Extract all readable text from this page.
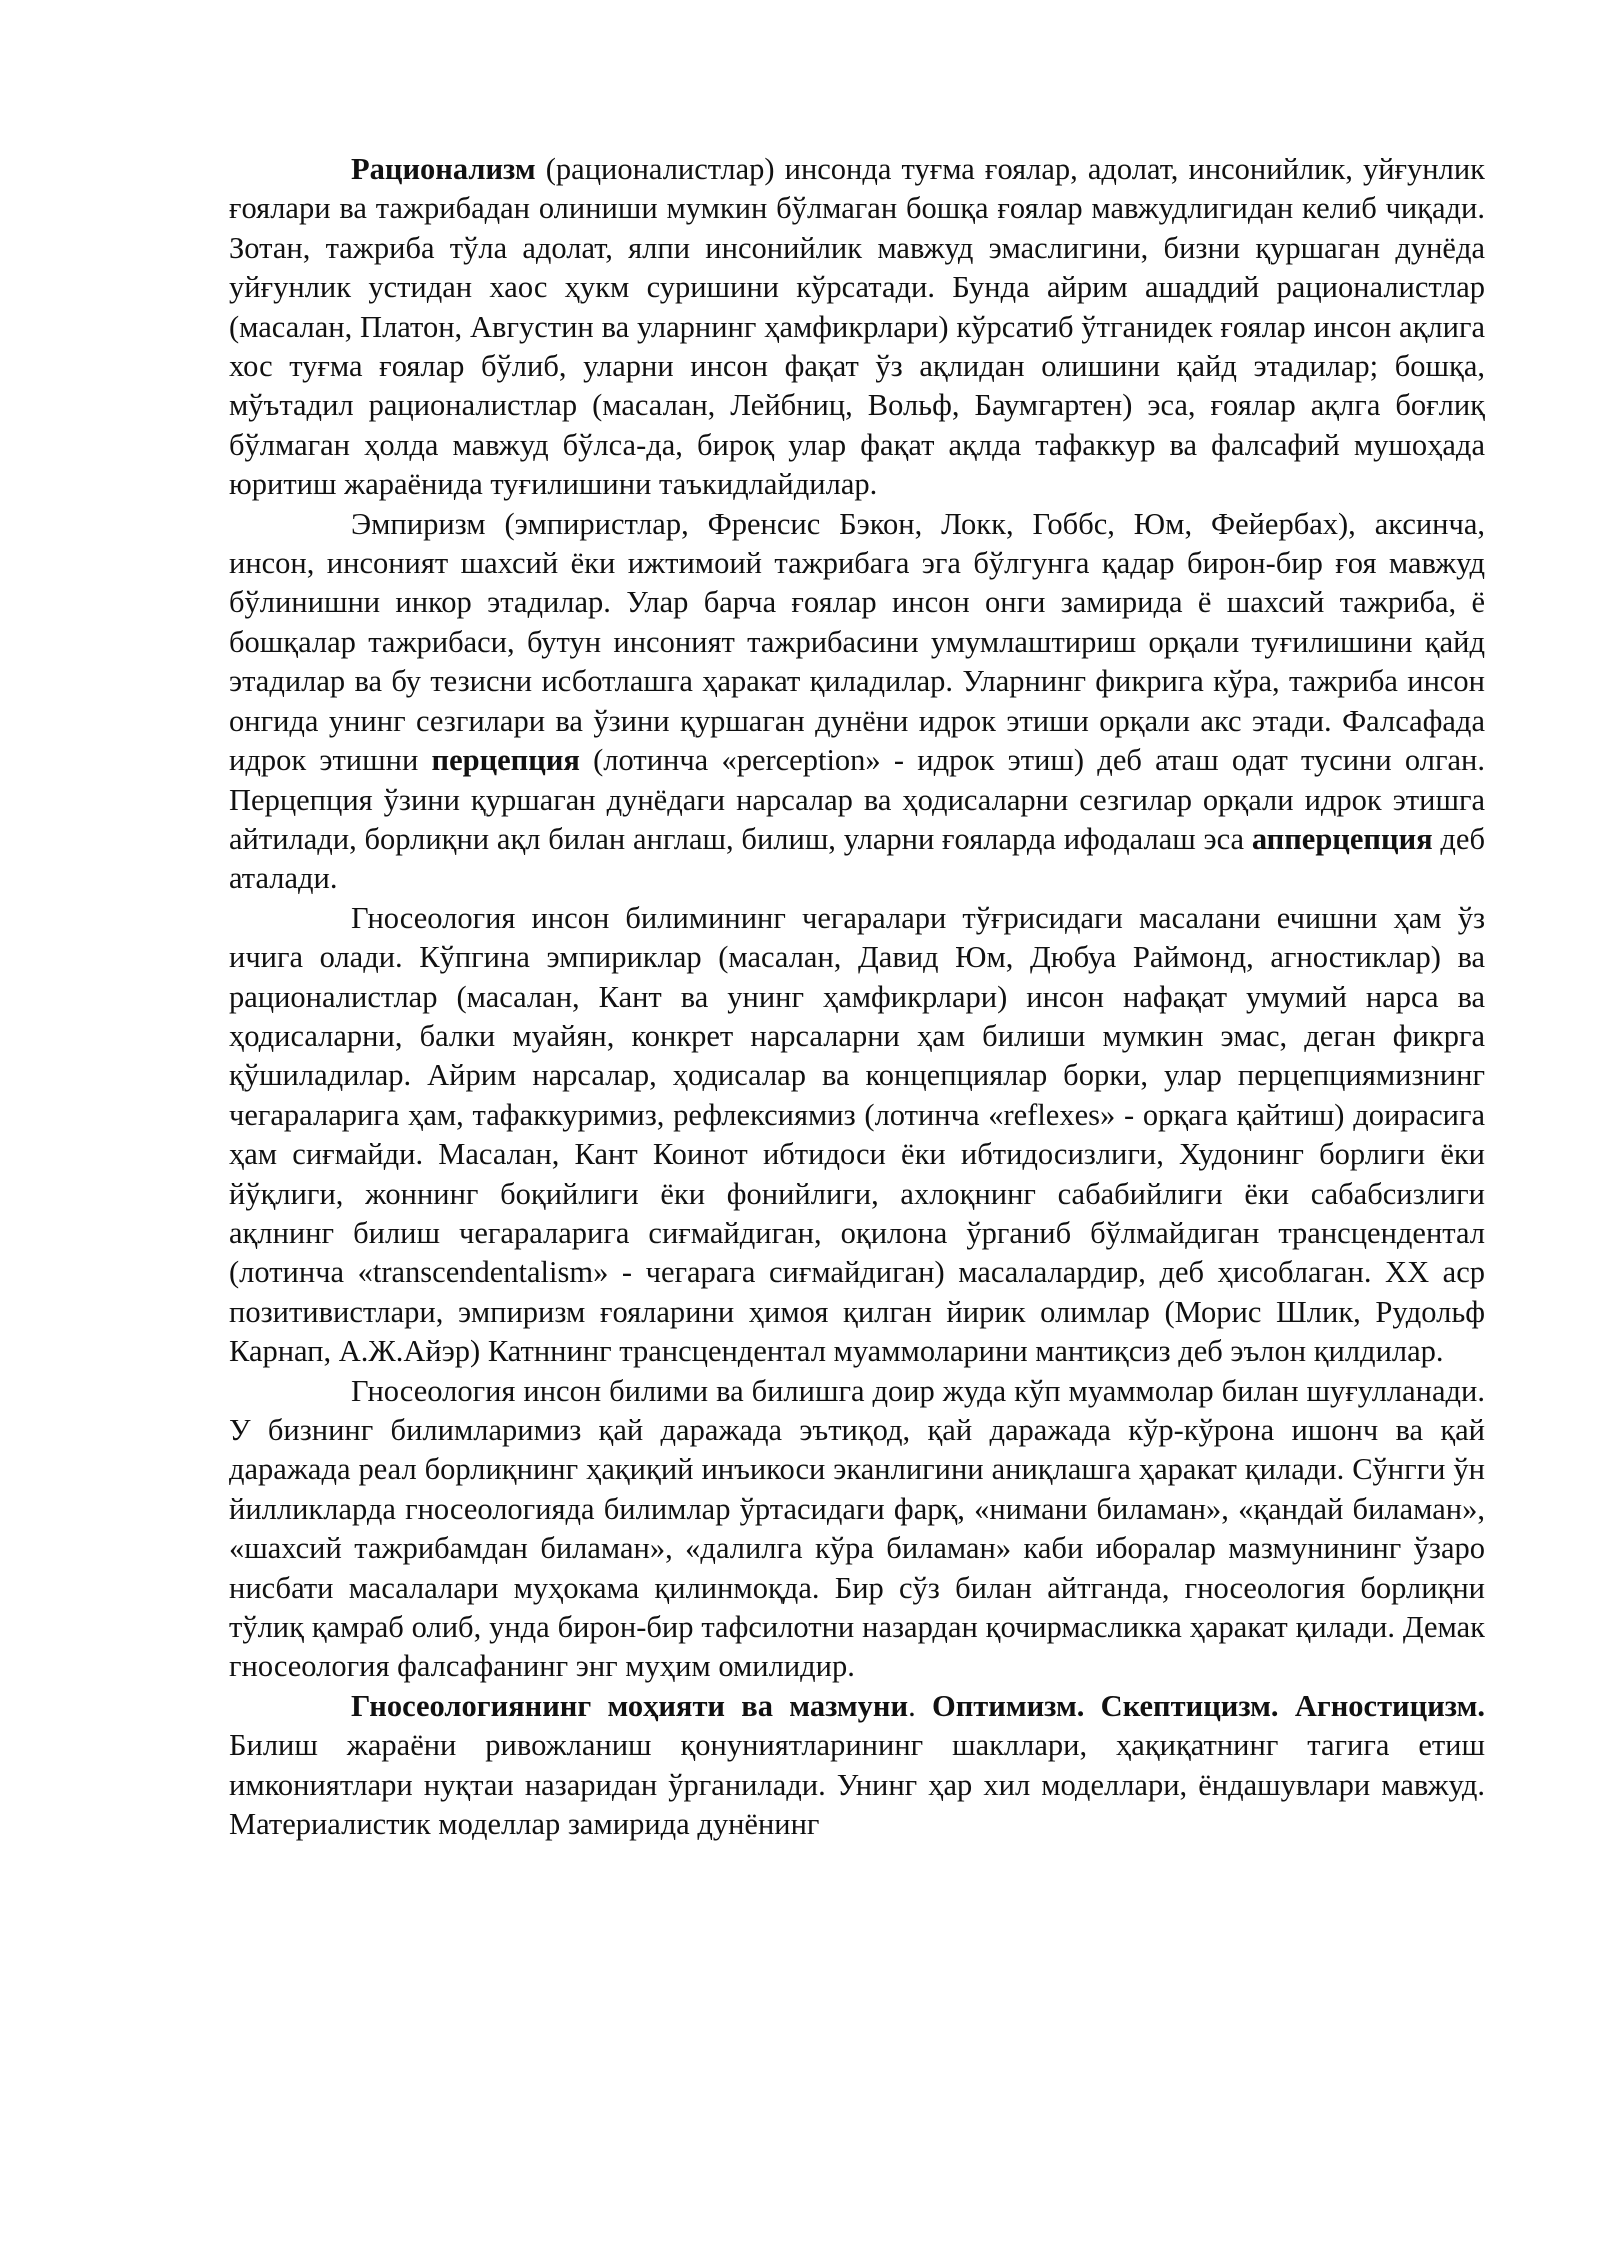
Рационализм (рационалистлар) инсонда туғма ғоялар, адолат, инсонийлик, уйғунлик ғоялари ва тажрибадан олиниши мумкин бўлмаган бошқа ғоялар мавжудлигидан келиб чиқади. Зотан, тажриба тўла адолат, ялпи инсонийлик мавжуд эмаслигини, бизни қуршаган дунёда уйғунлик устидан хаос ҳукм суришини кўрсатади. Бунда айрим ашаддий рационалистлар (масалан, Платон, Августин ва уларнинг ҳамфикрлари) кўрсатиб ўтганидек ғоялар инсон ақлига хос туғма ғоялар бўлиб, уларни инсон фақат ўз ақлидан олишини қайд этадилар; бошқа, мўътадил рационалистлар (масалан, Лейбниц, Вольф, Баумгартен) эса, ғоялар ақлга боғлиқ бўлмаган ҳолда мавжуд бўлса-да, бироқ улар фақат ақлда тафаккур ва фалсафий мушоҳада юритиш жараёнида туғилишини таъкидлайдилар.

Эмпиризм (эмпиристлар, Френсис Бэкон, Локк, Гоббс, Юм, Фейербах), аксинча, инсон, инсоният шахсий ёки ижтимоий тажрибага эга бўлгунга қадар бирон-бир ғоя мавжуд бўлинишни инкор этадилар. Улар барча ғоялар инсон онги замирида ё шахсий тажриба, ё бошқалар тажрибаси, бутун инсоният тажрибасини умумлаштириш орқали туғилишини қайд этадилар ва бу тезисни исботлашга ҳаракат қиладилар. Уларнинг фикрига кўра, тажриба инсон онгида унинг сезгилари ва ўзини қуршаган дунёни идрок этиши орқали акс этади. Фалсафада идрок этишни перцепция (лотинча «perception» - идрок этиш) деб аташ одат тусини олган. Перцепция ўзини қуршаган дунёдаги нарсалар ва ҳодисаларни сезгилар орқали идрок этишга айтилади, борлиқни ақл билан англаш, билиш, уларни ғояларда ифодалаш эса апперцепция деб аталади.

Гносеология инсон билимининг чегаралари тўғрисидаги масалани ечишни ҳам ўз ичига олади. Кўпгина эмпириклар (масалан, Давид Юм, Дюбуа Раймонд, агностиклар) ва рационалистлар (масалан, Кант ва унинг ҳамфикрлари) инсон нафақат умумий нарса ва ҳодисаларни, балки муайян, конкрет нарсаларни ҳам билиши мумкин эмас, деган фикрга қўшиладилар. Айрим нарсалар, ҳодисалар ва концепциялар борки, улар перцепциямизнинг чегараларига ҳам, тафаккуримиз, рефлексиямиз (лотинча «reflexes» - орқага қайтиш) доирасига ҳам сиғмайди. Масалан, Кант Коинот ибтидоси ёки ибтидосизлиги, Худонинг борлиги ёки йўқлиги, жоннинг боқийлиги ёки фонийлиги, ахлоқнинг сабабийлиги ёки сабабсизлиги ақлнинг билиш чегараларига сиғмайдиган, оқилона ўрганиб бўлмайдиган трансцендентал (лотинча «transcendentalism» - чегарага сиғмайдиган) масалалардир, деб ҳисоблаган. XX аср позитивистлари, эмпиризм ғояларини ҳимоя қилган йирик олимлар (Морис Шлик, Рудольф Карнап, А.Ж.Айэр) Катннинг трансцендентал муаммоларини мантиқсиз деб эълон қилдилар.

Гносеология инсон билими ва билишга доир жуда кўп муаммолар билан шуғулланади. У бизнинг билимларимиз қай даражада эътиқод, қай даражада кўр-кўрона ишонч ва қай даражада реал борлиқнинг ҳақиқий инъикоси эканлигини аниқлашга ҳаракат қилади. Сўнгги ўн йилликларда гносеологияда билимлар ўртасидаги фарқ, «нимани биламан», «қандай биламан», «шахсий тажрибамдан биламан», «далилга кўра биламан» каби иборалар мазмунининг ўзаро нисбати масалалари муҳокама қилинмоқда. Бир сўз билан айтганда, гносеология борлиқни тўлиқ қамраб олиб, унда бирон-бир тафсилотни назардан қочирмасликка ҳаракат қилади. Демак гносеология фалсафанинг энг муҳим омилидир.

Гносеологиянинг моҳияти ва мазмуни. Оптимизм. Скептицизм. Агностицизм. Билиш жараёни ривожланиш қонуниятларининг шакллари, ҳақиқатнинг тагига етиш имкониятлари нуқтаи назаридан ўрганилади. Унинг ҳар хил моделлари, ёндашувлари мавжуд. Материалистик моделлар замирида дунёнинг
